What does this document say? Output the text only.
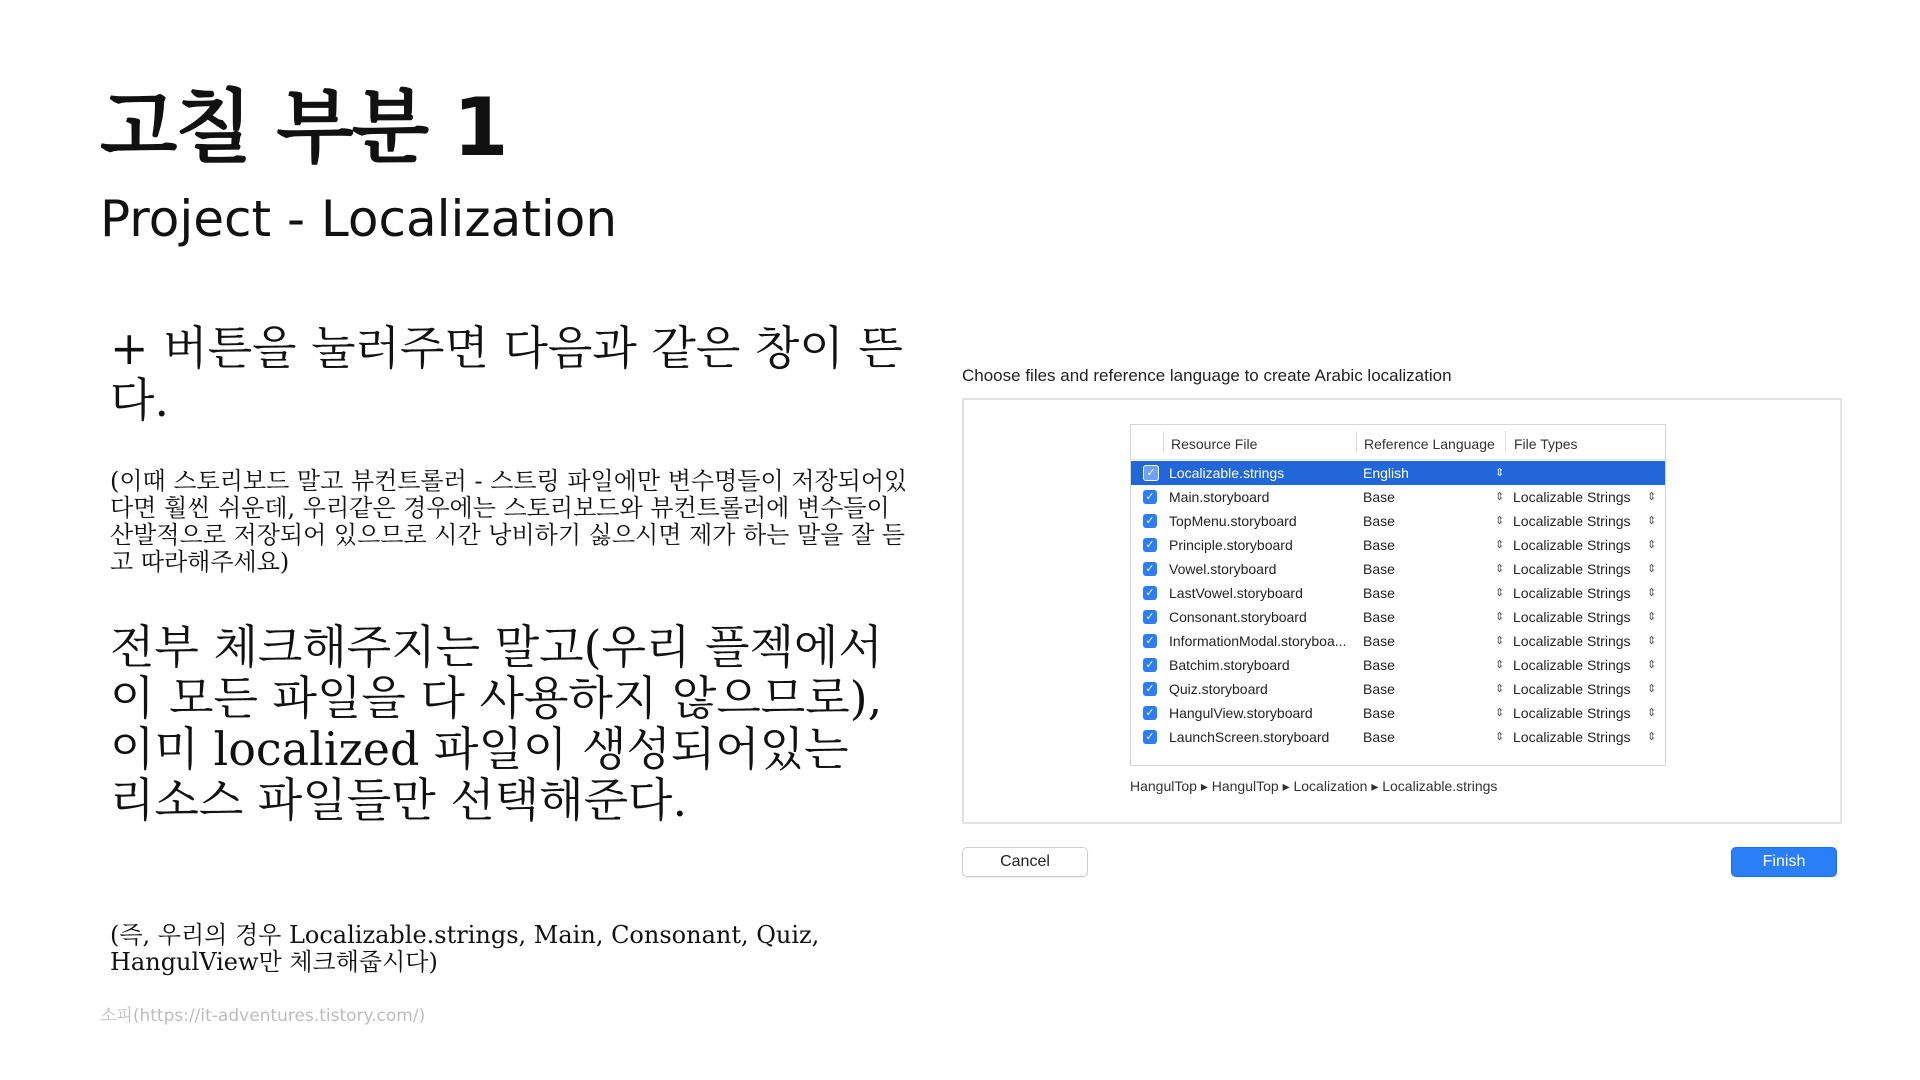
고칠 부분 1
Project - Localization
+ 버튼을 눌러주면 다음과 같은 창이 뜬다.
(이때 스토리보드 말고 뷰컨트롤러 - 스트링 파일에만 변수명들이 저장되어있다면 훨씬 쉬운데, 우리같은 경우에는 스토리보드와 뷰컨트롤러에 변수들이 산발적으로 저장되어 있으므로 시간 낭비하기 싫으시면 제가 하는 말을 잘 듣고 따라해주세요)
전부 체크해주지는 말고(우리 플젝에서 이 모든 파일을 다 사용하지 않으므로), 이미 localized 파일이 생성되어있는 리소스 파일들만 선택해준다.
(즉, 우리의 경우 Localizable.strings, Main, Consonant, Quiz, HangulView만 체크해줍시다)
소피(https://it-adventures.tistory.com/)
Choose files and reference language to create Arabic localization
Resource File	Reference Language File Types
✓ Localizable.strings	English	⇕
✓ Main.storyboard	Base	⇕ Localizable Strings ⇕
✓ TopMenu.storyboard	Base	⇕ Localizable Strings ⇕
✓ Principle.storyboard	Base	⇕ Localizable Strings ⇕
✓ Vowel.storyboard	Base	⇕ Localizable Strings ⇕
✓ LastVowel.storyboard	Base	⇕ Localizable Strings ⇕
✓ Consonant.storyboard	Base	⇕ Localizable Strings ⇕
✓ InformationModal.storyboa...	Base	⇕ Localizable Strings ⇕
✓ Batchim.storyboard	Base	⇕ Localizable Strings ⇕
✓ Quiz.storyboard	Base	⇕ Localizable Strings ⇕
✓ HangulView.storyboard	Base	⇕ Localizable Strings ⇕
✓ LaunchScreen.storyboard	Base	⇕ Localizable Strings ⇕
HangulTop ▸ HangulTop ▸ Localization ▸ Localizable.strings
Cancel	Finish
